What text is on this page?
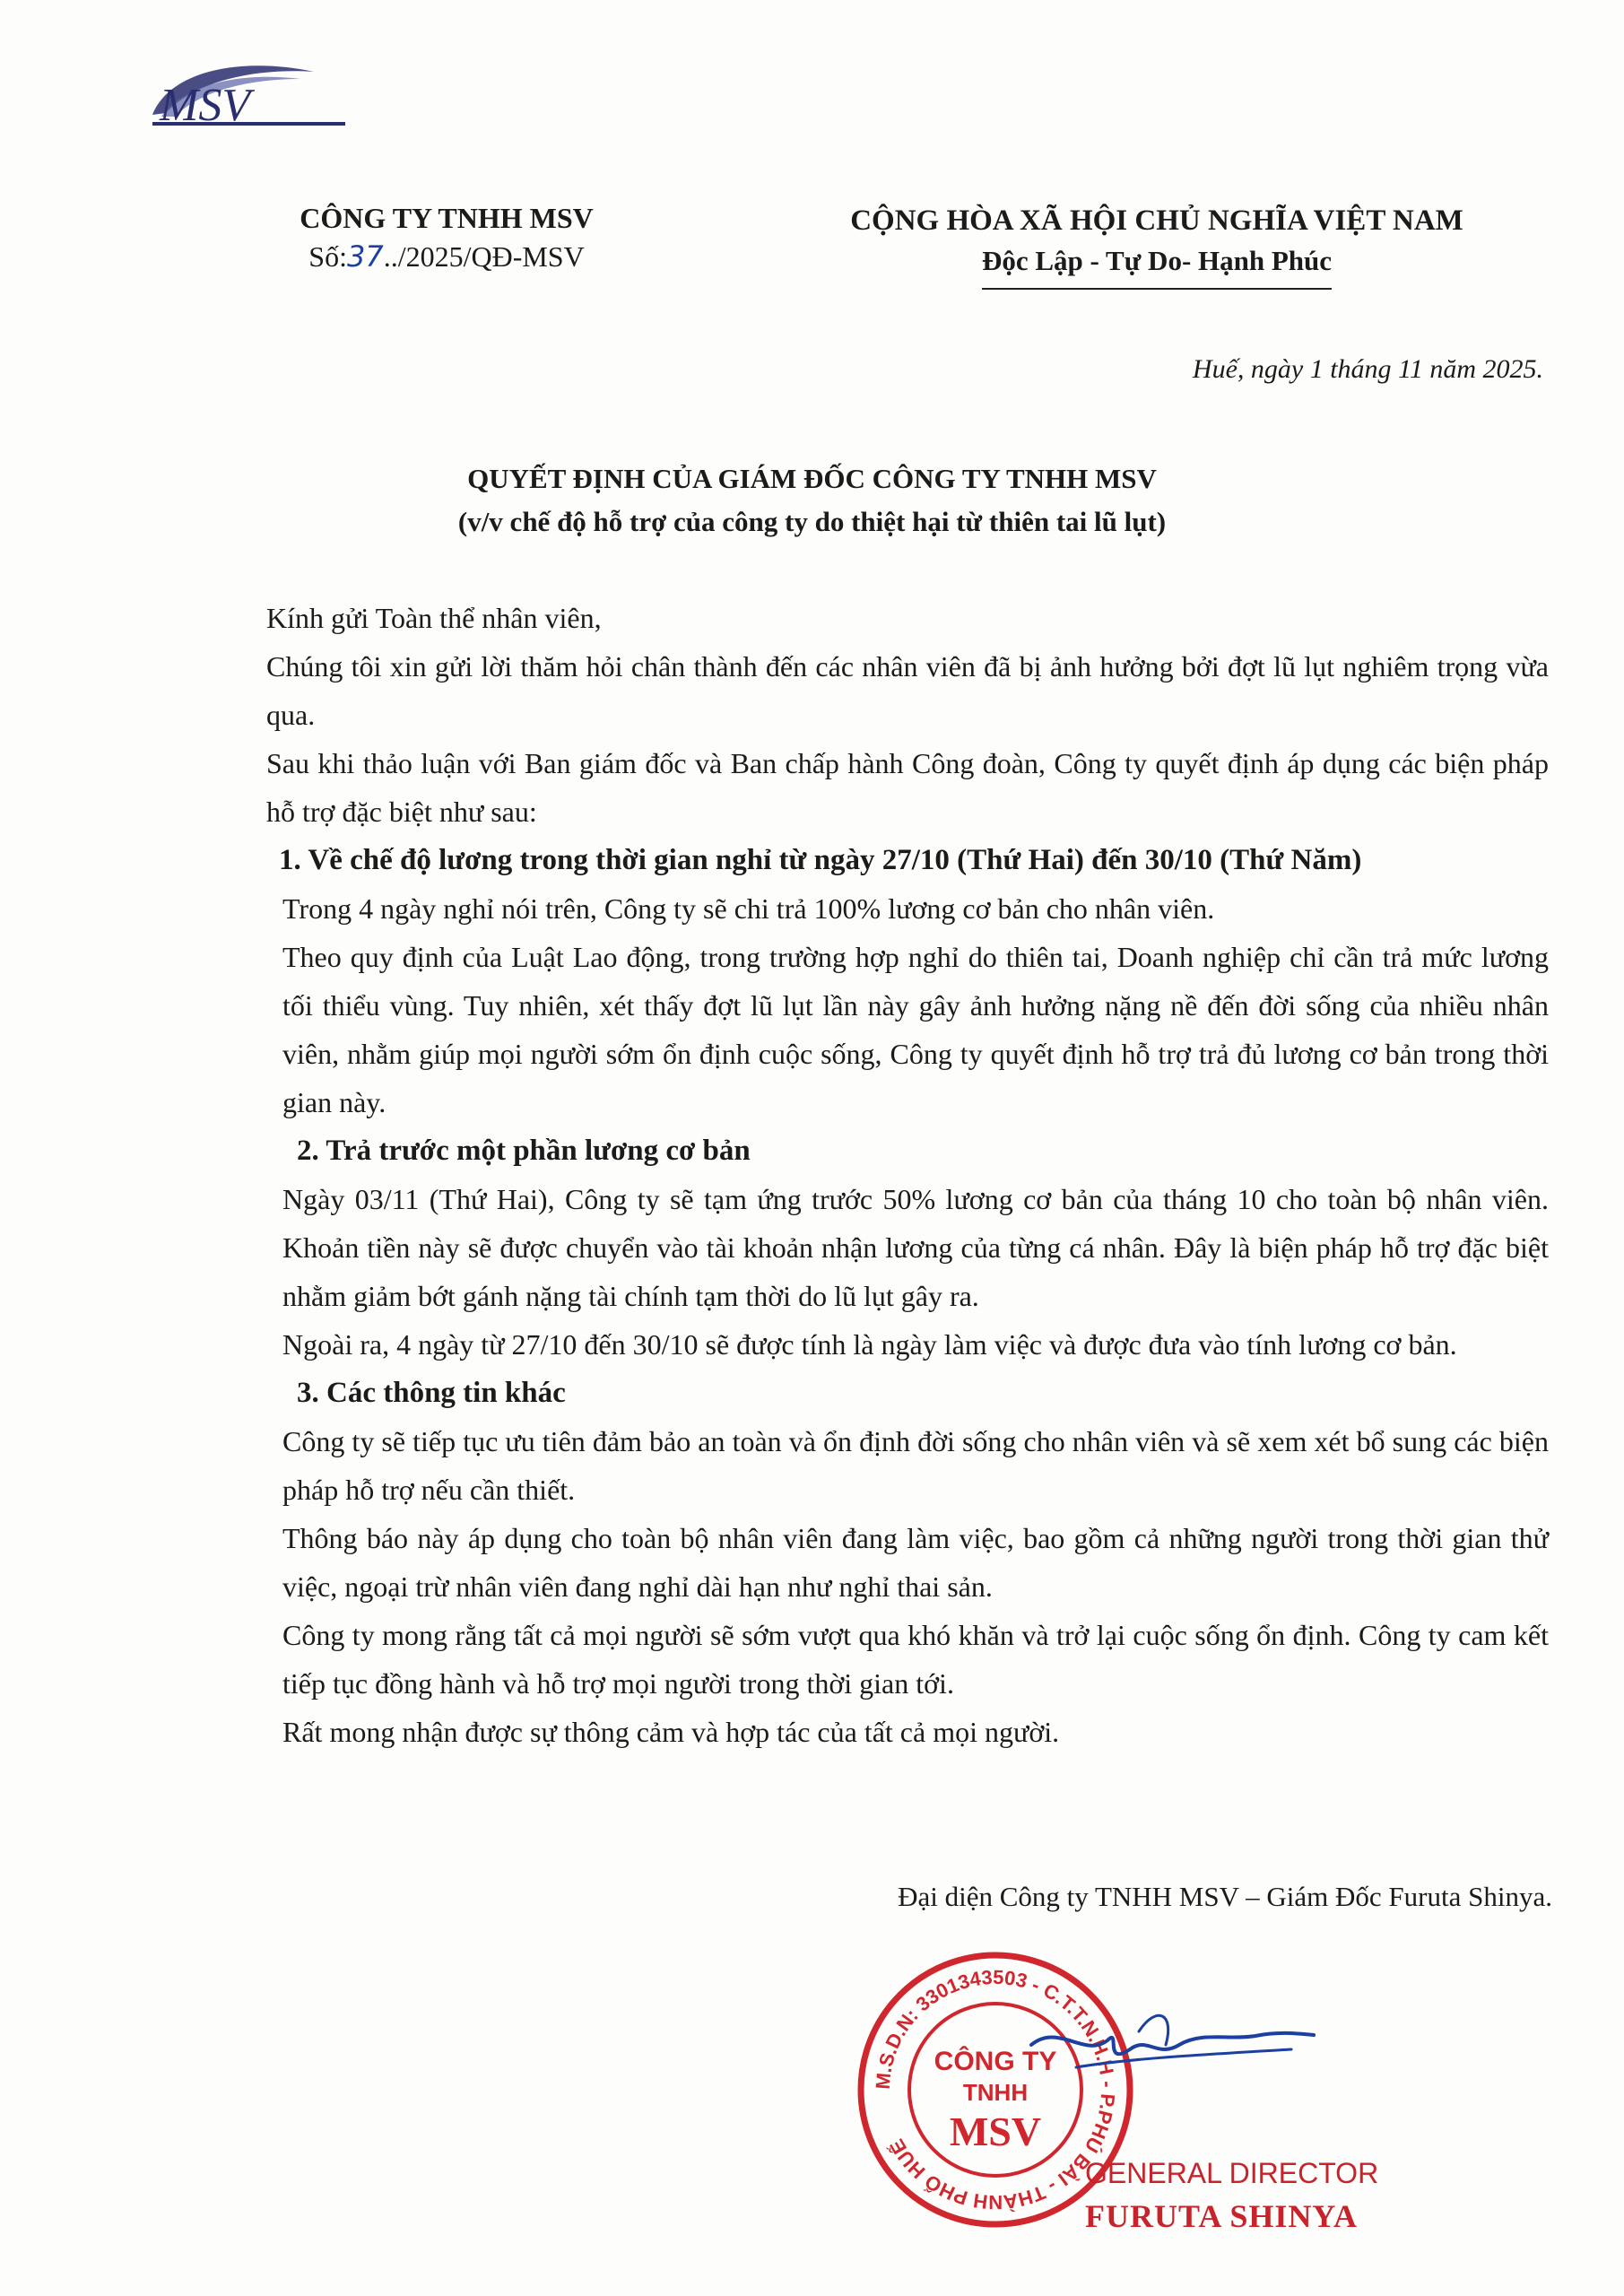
MSV
CÔNG TY TNHH MSV
Số:37../2025/QĐ-MSV
CỘNG HÒA XÃ HỘI CHỦ NGHĨA VIỆT NAM
Độc Lập - Tự Do- Hạnh Phúc
Huế, ngày 1 tháng 11 năm 2025.
QUYẾT ĐỊNH CỦA GIÁM ĐỐC CÔNG TY TNHH MSV
(v/v chế độ hỗ trợ của công ty do thiệt hại từ thiên tai lũ lụt)

Kính gửi Toàn thể nhân viên,

Chúng tôi xin gửi lời thăm hỏi chân thành đến các nhân viên đã bị ảnh hưởng bởi đợt lũ lụt nghiêm trọng vừa qua.

Sau khi thảo luận với Ban giám đốc và Ban chấp hành Công đoàn, Công ty quyết định áp dụng các biện pháp hỗ trợ đặc biệt như sau:

1. Về chế độ lương trong thời gian nghỉ từ ngày 27/10 (Thứ Hai) đến 30/10 (Thứ Năm)

Trong 4 ngày nghỉ nói trên, Công ty sẽ chi trả 100% lương cơ bản cho nhân viên.

Theo quy định của Luật Lao động, trong trường hợp nghỉ do thiên tai, Doanh nghiệp chỉ cần trả mức lương tối thiểu vùng. Tuy nhiên, xét thấy đợt lũ lụt lần này gây ảnh hưởng nặng nề đến đời sống của nhiều nhân viên, nhằm giúp mọi người sớm ổn định cuộc sống, Công ty quyết định hỗ trợ trả đủ lương cơ bản trong thời gian này.

2. Trả trước một phần lương cơ bản

Ngày 03/11 (Thứ Hai), Công ty sẽ tạm ứng trước 50% lương cơ bản của tháng 10 cho toàn bộ nhân viên. Khoản tiền này sẽ được chuyển vào tài khoản nhận lương của từng cá nhân. Đây là biện pháp hỗ trợ đặc biệt nhằm giảm bớt gánh nặng tài chính tạm thời do lũ lụt gây ra.

Ngoài ra, 4 ngày từ 27/10 đến 30/10 sẽ được tính là ngày làm việc và được đưa vào tính lương cơ bản.

3. Các thông tin khác

Công ty sẽ tiếp tục ưu tiên đảm bảo an toàn và ổn định đời sống cho nhân viên và sẽ xem xét bổ sung các biện pháp hỗ trợ nếu cần thiết.

Thông báo này áp dụng cho toàn bộ nhân viên đang làm việc, bao gồm cả những người trong thời gian thử việc, ngoại trừ nhân viên đang nghỉ dài hạn như nghỉ thai sản.

Công ty mong rằng tất cả mọi người sẽ sớm vượt qua khó khăn và trở lại cuộc sống ổn định. Công ty cam kết tiếp tục đồng hành và hỗ trợ mọi người trong thời gian tới.

Rất mong nhận được sự thông cảm và hợp tác của tất cả mọi người.

Đại diện Công ty TNHH MSV – Giám Đốc Furuta Shinya.
M.S.D.N: 3301343503 - C.T.T.N.H.H - P.PHÚ BÀI - THÀNH PHỐ HUẾ
CÔNG TY
TNHH
MSV
GENERAL DIRECTOR
FURUTA SHINYA
